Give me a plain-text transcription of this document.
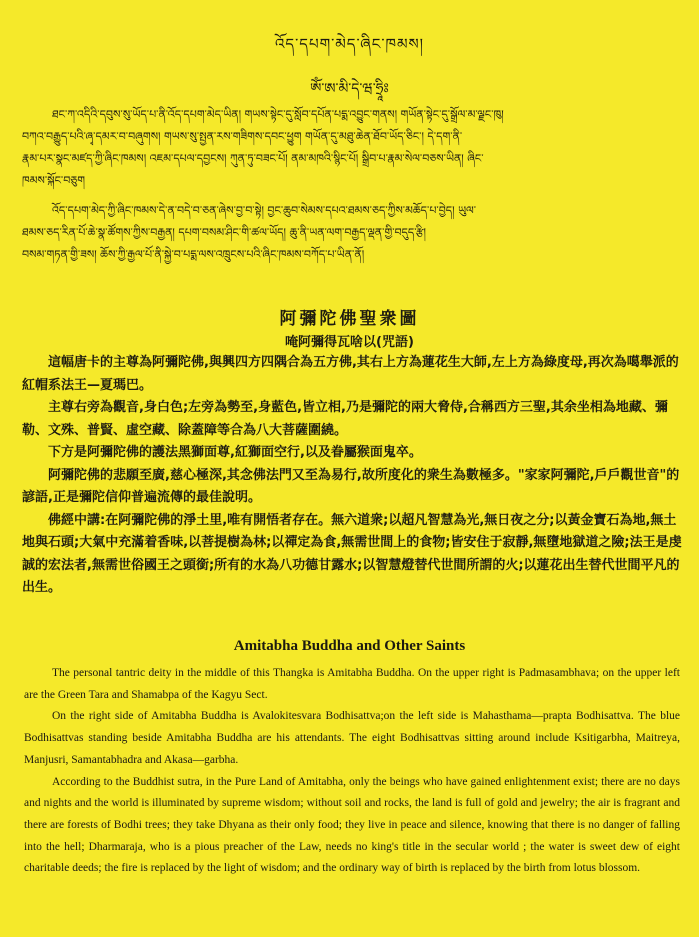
འོད་དཔག་མེད་ཞིང་ཁམས།
ཨོཾ་ཨ་མི་དེ་ཝ་ཧྲཱིཿ
ཐང་ཀ་འདིའི་དབུས་སུ་ཡོད་པ་ནི་འོད་དཔག་མེད་ཡིན། གཡས་སྟེང་དུ་སློབ་དཔོན་པདྨ་འབྱུང་གནས། གཡོན་སྟེང་དུ་སྒྲོལ་མ་ལྗང་ཁུ།
བཀའ་བརྒྱུད་པའི་ཞྭ་དམར་བ་བཞུགས། གཡས་སུ་སྤྱན་རས་གཟིགས་དབང་ཕྱུག གཡོན་དུ་མཐུ་ཆེན་ཐོབ་ཡོད་ཅིང་། དེ་དག་ནི་
རྣམ་པར་སྣང་མཛད་ཀྱི་ཞིང་ཁམས། འཇམ་དཔལ་དབྱངས། ཀུན་ཏུ་བཟང་པོ། ནམ་མཁའི་སྙིང་པོ། སྒྲིབ་པ་རྣམ་སེལ་བཅས་ཡིན། ཞིང་
ཁམས་སྐོང་བཅུག
འོད་དཔག་མེད་ཀྱི་ཞིང་ཁམས་དེ་ན་བདེ་བ་ཅན་ཞེས་བྱ་བ་སྟེ། བྱང་ཆུབ་སེམས་དཔའ་ཐམས་ཅད་ཀྱིས་མཆོད་པ་བྱེད། ཡུལ་
ཐམས་ཅད་རིན་པོ་ཆེ་སྣ་ཚོགས་ཀྱིས་བརྒྱན། དཔག་བསམ་ཤིང་གི་ཚལ་ཡོད། ཆུ་ནི་ཡན་ལག་བརྒྱད་ལྡན་གྱི་བདུད་རྩི།
བསམ་གཏན་གྱི་ཟས། ཆོས་ཀྱི་རྒྱལ་པོ་ནི་སྐྱེ་བ་པདྨ་ལས་འཁྲུངས་པའི་ཞིང་ཁམས་བཀོད་པ་ཡིན་ནོ།
阿彌陀佛聖衆圖
唵阿彌得瓦啥以(咒語)

這幅唐卡的主尊為阿彌陀佛,與興四方四隅合為五方佛,其右上方為蓮花生大師,左上方為綠度母,再次為噶舉派的紅帽系法王—夏瑪巴。

主尊右旁為觀音,身白色;左旁為勢至,身藍色,皆立相,乃是彌陀的兩大脅侍,合稱西方三聖,其余坐相為地藏、彌勒、文殊、普賢、虛空藏、除蓋障等合為八大菩薩圍繞。

下方是阿彌陀佛的護法黑獅面尊,紅獅面空行,以及眷屬猴面鬼卒。

阿彌陀佛的悲願至廣,慈心極深,其念佛法門又至為易行,故所度化的衆生為數極多。"家家阿彌陀,戶戶觀世音"的諺語,正是彌陀信仰普遍流傳的最佳說明。

佛經中講:在阿彌陀佛的淨土里,唯有開悟者存在。無六道衆;以超凡智慧為光,無日夜之分;以黃金寶石為地,無土地與石頭;大氣中充滿着香味,以菩提樹為林;以禪定為食,無需世間上的食物;皆安住于寂靜,無墮地獄道之險;法王是虔誠的宏法者,無需世俗國王之頭銜;所有的水為八功德甘露水;以智慧燈替代世間所謂的火;以蓮花出生替代世間平凡的出生。

Amitabha Buddha and Other Saints

The personal tantric deity in the middle of this Thangka is Amitabha Buddha. On the upper right is Padmasambhava; on the upper left are the Green Tara and Shamabpa of the Kagyu Sect.

On the right side of Amitabha Buddha is Avalokitesvara Bodhisattva;on the left side is Mahasthama—prapta Bodhisattva. The blue Bodhisattvas standing beside Amitabha Buddha are his attendants. The eight Bodhisattvas sitting around include Ksitigarbha, Maitreya, Manjusri, Samantabhadra and Akasa—garbha.

According to the Buddhist sutra, in the Pure Land of Amitabha, only the beings who have gained enlightenment exist; there are no days and nights and the world is illuminated by supreme wisdom; without soil and rocks, the land is full of gold and jewelry; the air is fragrant and there are forests of Bodhi trees; they take Dhyana as their only food; they live in peace and silence, knowing that there is no danger of falling into the hell; Dharmaraja, who is a pious preacher of the Law, needs no king's title in the secular world ; the water is sweet dew of eight charitable deeds; the fire is replaced by the light of wisdom; and the ordinary way of birth is replaced by the birth from lotus blossom.
